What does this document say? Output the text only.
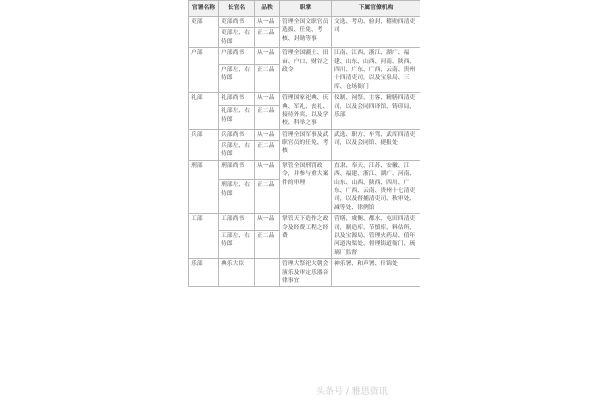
官署名称	长官名	品秩	职掌	下属官僚机构
吏部	吏部尚书	从一品	管理全国文职官员选拔、任免、考核、封勋等事	文选、考功、验封、稽勋四清吏司
	吏部左、右侍郎	正二品		
户部	户部尚书	从一品	管理全国疆土、田亩、户口、财谷之政令	江南、江西、浙江、湖广、福建、山东、山西、河南、陕西、四川、广东、广西、云南、贵州十四清吏司，以及宝泉局、三库、仓场衙门
	户部左、右侍郎	正二品		
礼部	礼部尚书	从一品	管理国家祀典、庆典、军礼、丧礼、接待外宾、以及学校、科举之事	仪制、祠祭、主客、精膳四清吏司，以及会同四译馆、铸印局、乐部
	礼部左、右侍郎	正二品		
兵部	兵部尚书	从一品	管理全国军事及武职官员的任免、考核	武选、职方、车驾、武库四清吏司，以及会同馆、捷报处
	兵部左、右侍郎	正二品		
刑部	刑部尚书	从一品	掌管全国刑罚政令，并参与重大案件的审理	直隶、奉天、江苏、安徽、江西、福建、浙江、湖广、河南、山东、山西、陕西、四川、广东、广西、云南、贵州十七清吏司，以及督捕清吏司、秋审处、减等处、律例馆
	刑部左、右侍郎	正二品		
工部	工部尚书	从一品	掌管天下造作之政令及经费工程之经费	营缮、虞衡、都水、屯田四清吏司，制造库、节慎库、料估所，以及宝源局、管理火药局、值年河道沟渠处、督理街道衙门、琉璃厂监督
	工部左、右侍郎	正二品		
乐部	典乐大臣		管理大祭祀大朝会演乐及审定乐器音律事宜	神乐署、和声署、什锦处
头条号 / 雅思资讯
